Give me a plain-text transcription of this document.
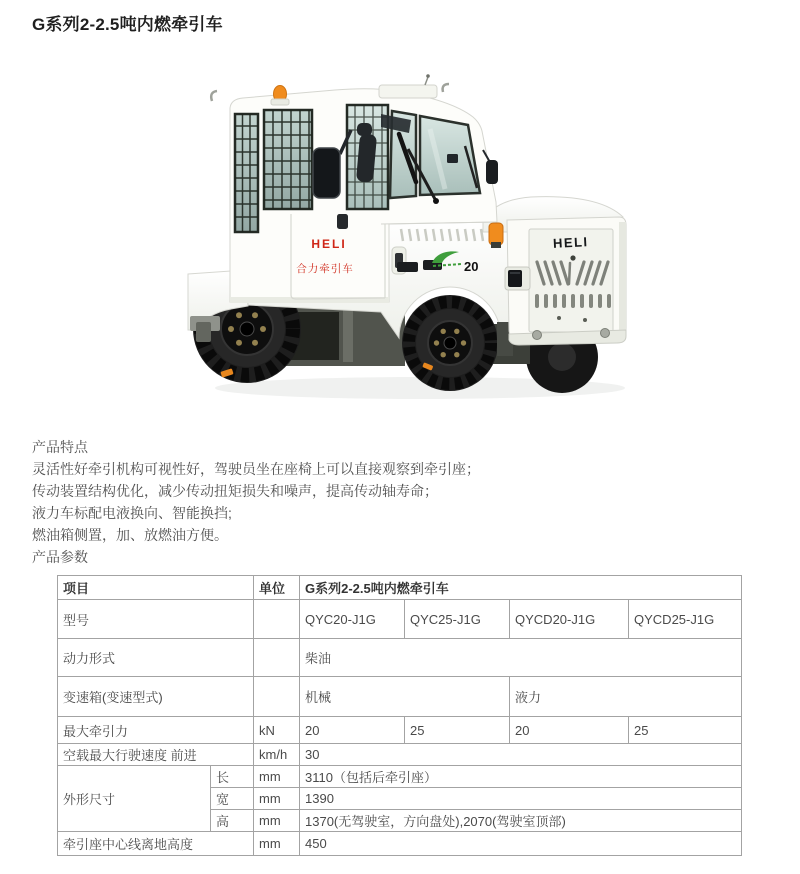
G系列2-2.5吨内燃牵引车
HELI
HELI
合力牵引车	20

产品特点

灵活性好牵引机构可视性好，驾驶员坐在座椅上可以直接观察到牵引座；

传动装置结构优化，减少传动扭矩损失和噪声，提高传动轴寿命；

液力车标配电液换向、智能换挡;

燃油箱侧置，加、放燃油方便。

产品参数

项目		单位	G系列2-2.5吨内燃牵引车			
型号			QYC20-J1G	QYC25-J1G	QYCD20-J1G	QYCD25-J1G
动力形式			柴油			
变速箱(变速型式)			机械		液力	
最大牵引力		kN	20	25	20	25
空载最大行驶速度 前进		km/h	30			
外形尺寸	长	mm	3110（包括后牵引座）			
	宽	mm	1390			
	高	mm	1370(无驾驶室，方向盘处),2070(驾驶室顶部)			
牵引座中心线离地高度		mm	450			
